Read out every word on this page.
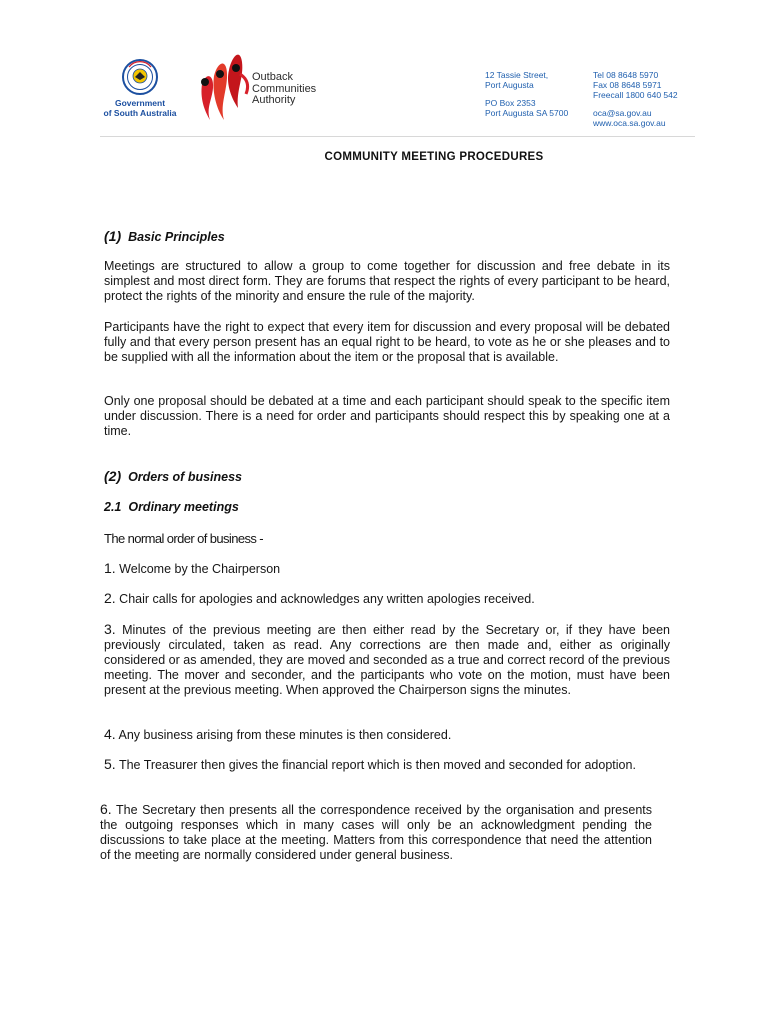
Government
of South Australia
Outback
Communities
Authority
12 Tassie Street,
Port Augusta
PO Box 2353
Port Augusta SA 5700
Tel 08 8648 5970
Fax 08 8648 5971
Freecall 1800 640 542
oca@sa.gov.au
www.oca.sa.gov.au
COMMUNITY MEETING PROCEDURES
(1) Basic Principles
Meetings are structured to allow a group to come together for discussion and free debate in its simplest and most direct form. They are forums that respect the rights of every participant to be heard, protect the rights of the minority and ensure the rule of the majority.
Participants have the right to expect that every item for discussion and every proposal will be debated fully and that every person present has an equal right to be heard, to vote as he or she pleases and to be supplied with all the information about the item or the proposal that is available.
Only one proposal should be debated at a time and each participant should speak to the specific item under discussion. There is a need for order and participants should respect this by speaking one at a time.
(2) Orders of business
2.1 Ordinary meetings
The normal order of business -
1. Welcome by the Chairperson
2. Chair calls for apologies and acknowledges any written apologies received.
3. Minutes of the previous meeting are then either read by the Secretary or, if they have been previously circulated, taken as read. Any corrections are then made and, either as originally considered or as amended, they are moved and seconded as a true and correct record of the previous meeting. The mover and seconder, and the participants who vote on the motion, must have been present at the previous meeting. When approved the Chairperson signs the minutes.
4. Any business arising from these minutes is then considered.
5. The Treasurer then gives the financial report which is then moved and seconded for adoption.
6. The Secretary then presents all the correspondence received by the organisation and presents the outgoing responses which in many cases will only be an acknowledgment pending the discussions to take place at the meeting. Matters from this correspondence that need the attention of the meeting are normally considered under general business.
